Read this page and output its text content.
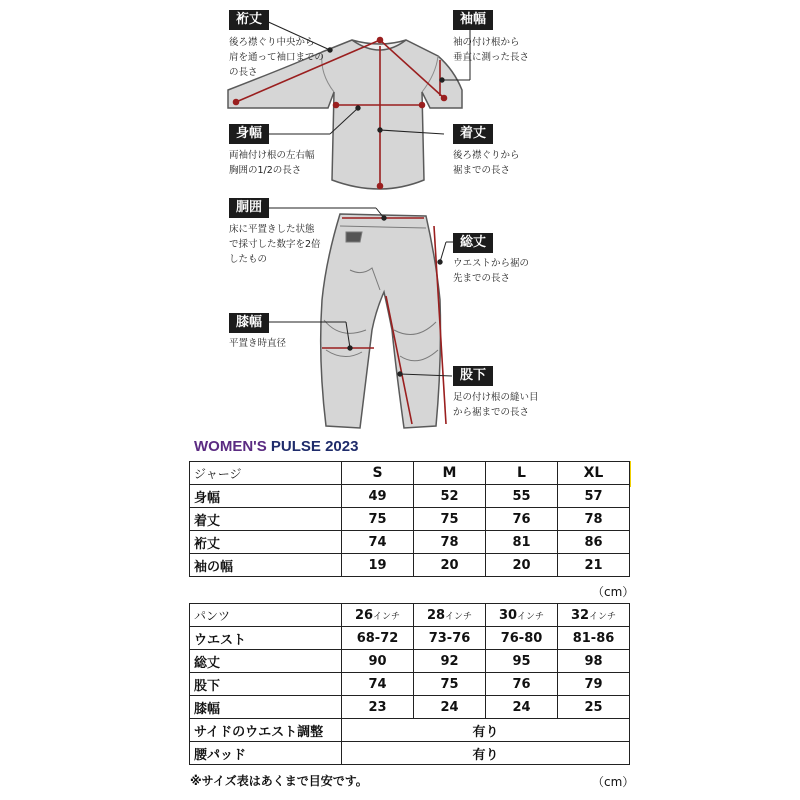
裄丈
後ろ襟ぐり中央から
肩を通って袖口までの
の長さ
袖幅
袖の付け根から
垂直に測った長さ
身幅
両袖付け根の左右幅
胸囲の1/2の長さ
着丈
後ろ襟ぐりから
裾までの長さ
胴囲
床に平置きした状態
で採寸した数字を2倍
したもの
総丈
ウエストから裾の
先までの長さ
膝幅
平置き時直径
股下
足の付け根の縫い目
から裾までの長さ
WOMEN'S PULSE 2023
ジャージ	S	M	L	XL
身幅	49	52	55	57
着丈	75	75	76	78
裄丈	74	78	81	86
袖の幅	19	20	20	21
（cm）
パンツ	26インチ	28インチ	30インチ	32インチ
ウエスト	68-72	73-76	76-80	81-86
総丈	90	92	95	98
股下	74	75	76	79
膝幅	23	24	24	25
サイドのウエスト調整	有り			
腰パッド	有り			
※サイズ表はあくまで目安です。	（cm）
